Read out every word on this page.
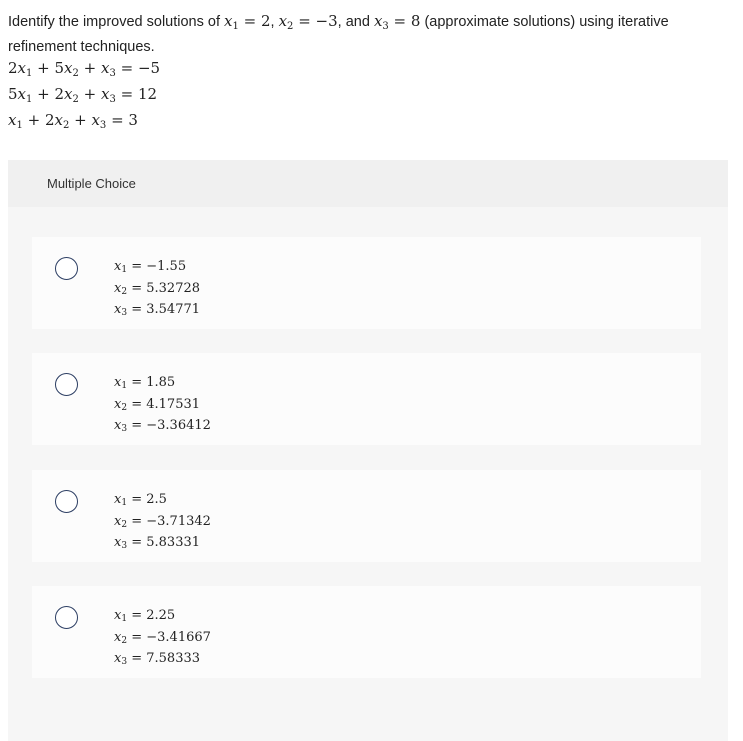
Identify the improved solutions of $x_1 = 2$, $x_2 = -3$, and $x_3 = 8$ (approximate solutions) using iterative refinement techniques.
$2x_1 + 5x_2 + x_3 = -5$
$5x_1 + 2x_2 + x_3 = 12$
$x_1 + 2x_2 + x_3 = 3$
Multiple Choice
$x_1 = -1.55$
$x_2 = 5.32728$
$x_3 = 3.54771$
$x_1 = 1.85$
$x_2 = 4.17531$
$x_3 = -3.36412$
$x_1 = 2.5$
$x_2 = -3.71342$
$x_3 = 5.83331$
$x_1 = 2.25$
$x_2 = -3.41667$
$x_3 = 7.58333$
